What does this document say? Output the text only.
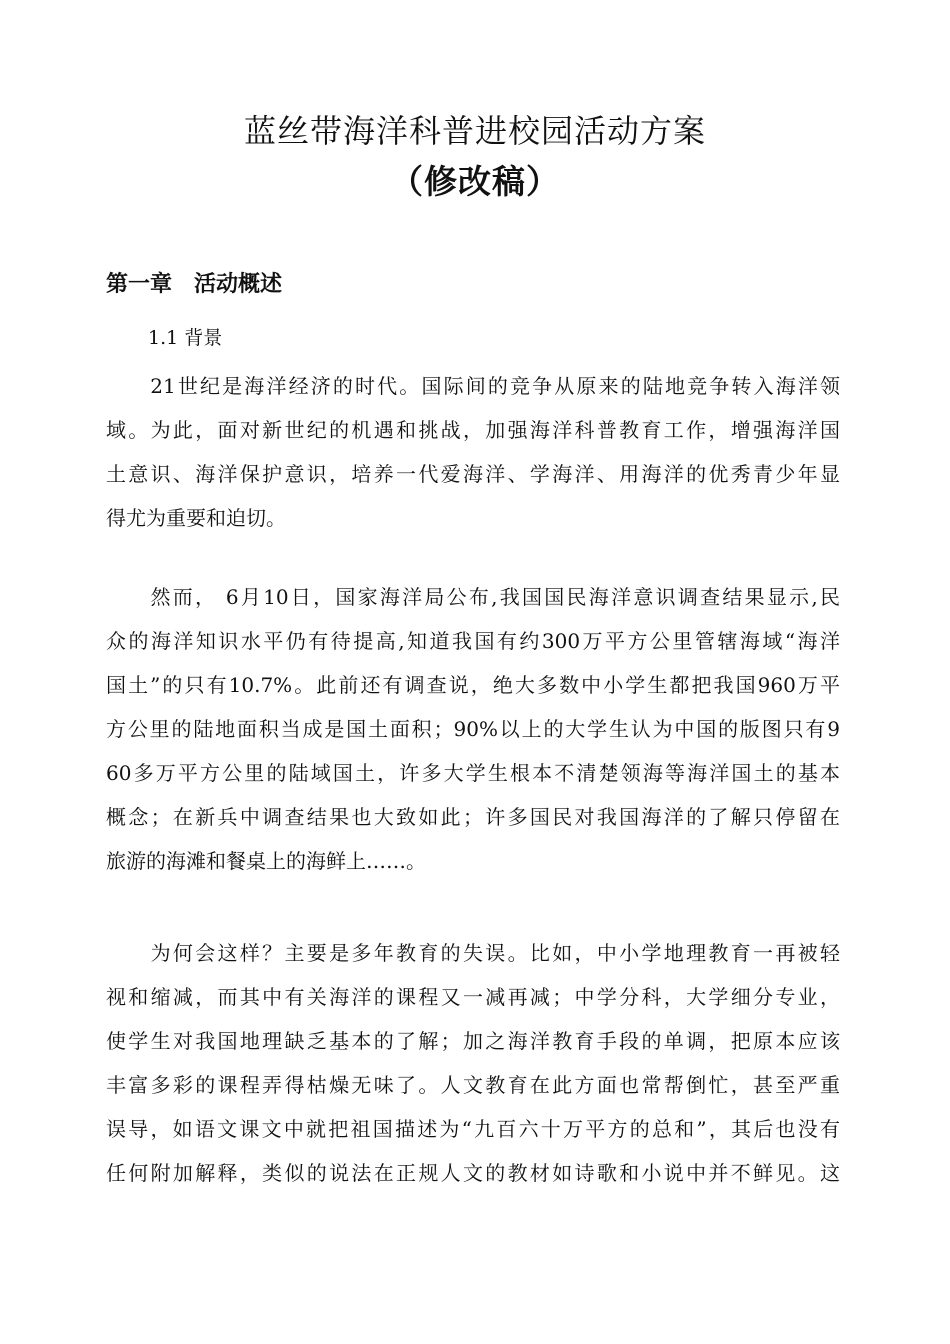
蓝丝带海洋科普进校园活动方案
（修改稿）
第一章 活动概述
1.1 背景
　　21世纪是海洋经济的时代。国际间的竞争从原来的陆地竞争转入海洋领
域。为此，面对新世纪的机遇和挑战，加强海洋科普教育工作，增强海洋国
土意识、海洋保护意识，培养一代爱海洋、学海洋、用海洋的优秀青少年显
得尤为重要和迫切。
　　然而， 6月10日，国家海洋局公布,我国国民海洋意识调查结果显示,民
众的海洋知识水平仍有待提高,知道我国有约300万平方公里管辖海域“海洋
国土”的只有10.7%。此前还有调查说，绝大多数中小学生都把我国960万平
方公里的陆地面积当成是国土面积；90%以上的大学生认为中国的版图只有9
60多万平方公里的陆域国土，许多大学生根本不清楚领海等海洋国土的基本
概念；在新兵中调查结果也大致如此；许多国民对我国海洋的了解只停留在
旅游的海滩和餐桌上的海鲜上……。
　　为何会这样？主要是多年教育的失误。比如，中小学地理教育一再被轻
视和缩减，而其中有关海洋的课程又一减再减；中学分科，大学细分专业，
使学生对我国地理缺乏基本的了解；加之海洋教育手段的单调，把原本应该
丰富多彩的课程弄得枯燥无味了。人文教育在此方面也常帮倒忙，甚至严重
误导，如语文课文中就把祖国描述为“九百六十万平方的总和”，其后也没有
任何附加解释，类似的说法在正规人文的教材如诗歌和小说中并不鲜见。这
